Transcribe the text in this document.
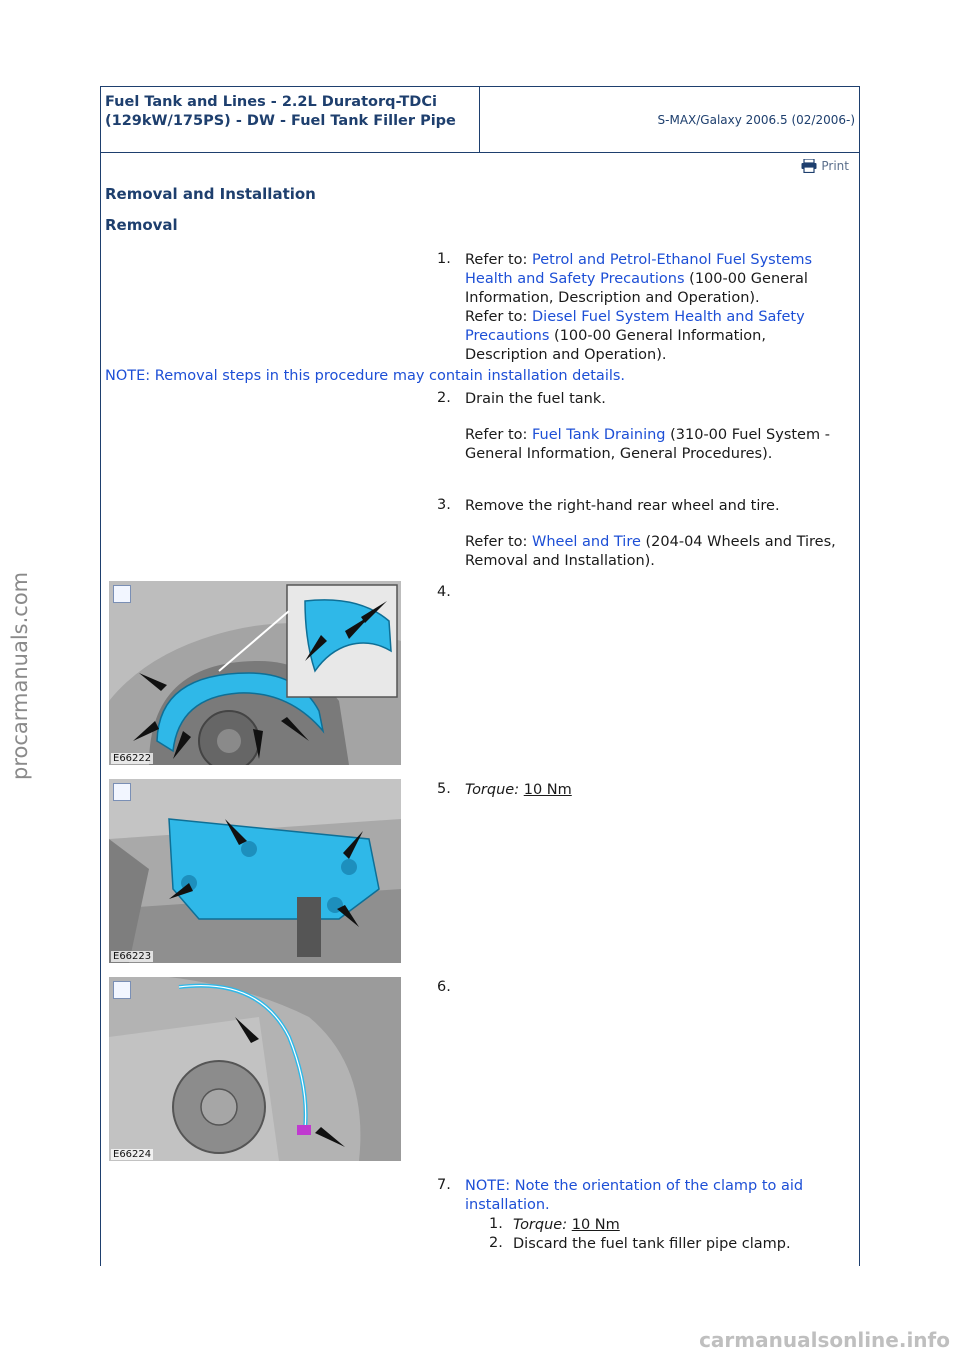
Fuel Tank and Lines - 2.2L Duratorq-TDCi (129kW/175PS) - DW - Fuel Tank Filler Pipe	S-MAX/Galaxy 2006.5 (02/2006-)
Print
Removal and Installation
Removal
1. Refer to: Petrol and Petrol-Ethanol Fuel Systems Health and Safety Precautions (100-00 General Information, Description and Operation).
Refer to: Diesel Fuel System Health and Safety Precautions (100-00 General Information, Description and Operation).
NOTE: Removal steps in this procedure may contain installation details.
2. Drain the fuel tank.
Refer to: Fuel Tank Draining (310-00 Fuel System - General Information, General Procedures).
3. Remove the right-hand rear wheel and tire.
Refer to: Wheel and Tire (204-04 Wheels and Tires, Removal and Installation).
E66222
4.
E66223
5. Torque: 10 Nm
E66224
6.
7. NOTE: Note the orientation of the clamp to aid installation.
1. Torque: 10 Nm
2. Discard the fuel tank filler pipe clamp.
procarmanuals.com
carmanualsonline.info
